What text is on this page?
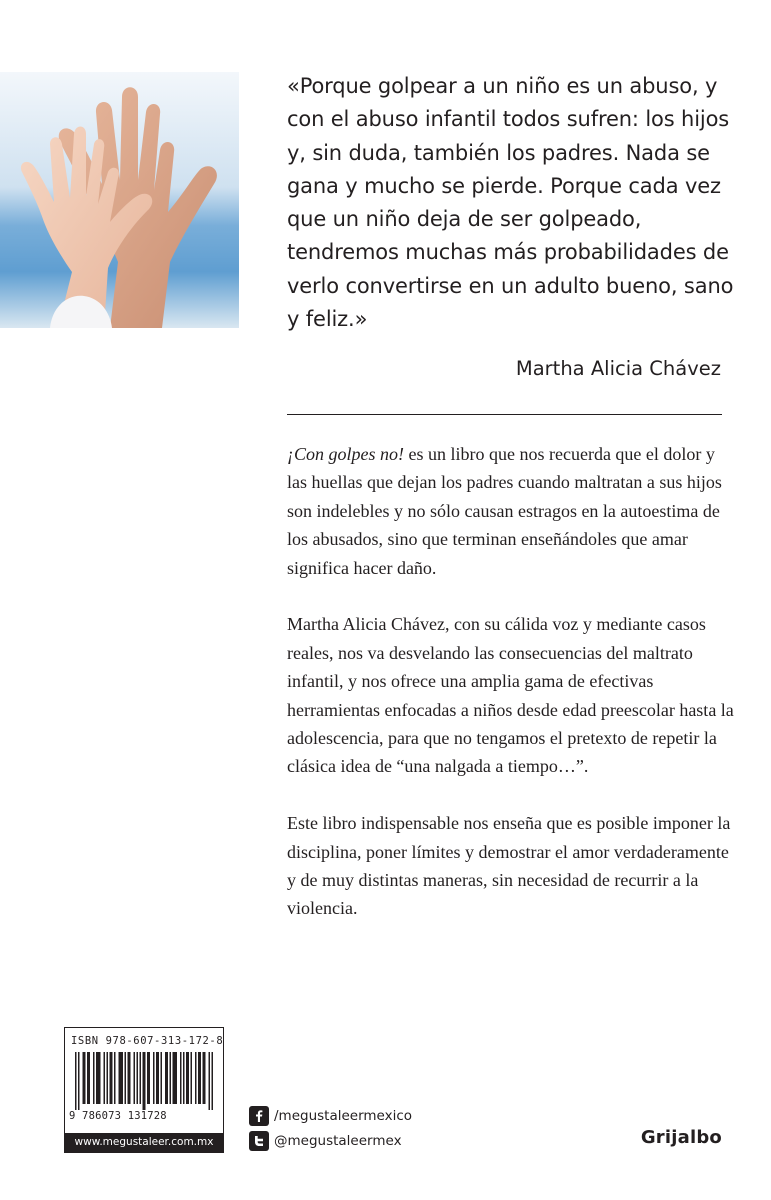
«Porque golpear a un niño es un abuso, y con el abuso infantil todos sufren: los hijos y, sin duda, también los padres. Nada se gana y mucho se pierde. Porque cada vez que un niño deja de ser golpeado, tendremos muchas más probabilidades de verlo convertirse en un adulto bueno, sano y feliz.»
Martha Alicia Chávez

¡Con golpes no! es un libro que nos recuerda que el dolor y las huellas que dejan los padres cuando maltratan a sus hijos son indelebles y no sólo causan estragos en la autoestima de los abusados, sino que terminan enseñándoles que amar significa hacer daño.

Martha Alicia Chávez, con su cálida voz y mediante casos reales, nos va desvelando las consecuencias del maltrato infantil, y nos ofrece una amplia gama de efectivas herramientas enfocadas a niños desde edad preescolar hasta la adolescencia, para que no tengamos el pretexto de repetir la clásica idea de “una nalgada a tiempo…”.

Este libro indispensable nos enseña que es posible imponer la disciplina, poner límites y demostrar el amor verdaderamente y de muy distintas maneras, sin necesidad de recurrir a la violencia.

ISBN 978-607-313-172-8
9 786073 131728
www.megustaleer.com.mx
/megustaleermexico
@megustaleermex	Grijalbo
